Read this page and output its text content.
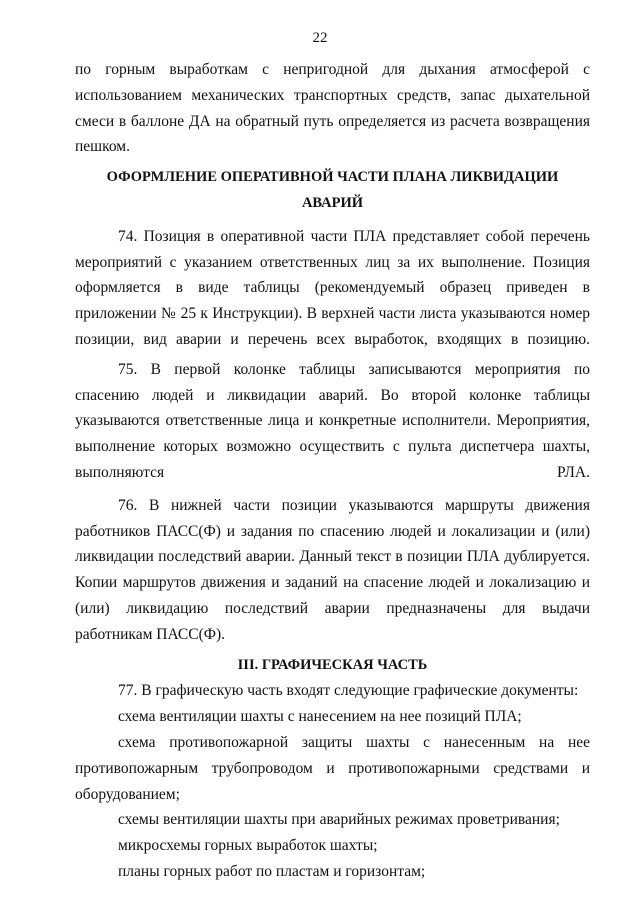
22

по горным выработкам с непригодной для дыхания атмосферой с использованием механических транспортных средств, запас дыхательной смеси в баллоне ДА на обратный путь определяется из расчета возвращения пешком.

ОФОРМЛЕНИЕ ОПЕРАТИВНОЙ ЧАСТИ ПЛАНА ЛИКВИДАЦИИ АВАРИЙ

74. Позиция в оперативной части ПЛА представляет собой перечень мероприятий с указанием ответственных лиц за их выполнение. Позиция оформляется в виде таблицы (рекомендуемый образец приведен в приложении № 25 к Инструкции). В верхней части листа указываются номер позиции, вид аварии и перечень всех выработок, входящих в позицию.

75. В первой колонке таблицы записываются мероприятия по спасению людей и ликвидации аварий. Во второй колонке таблицы указываются ответственные лица и конкретные исполнители. Мероприятия, выполнение которых возможно осуществить с пульта диспетчера шахты, выполняются РЛА.

76. В нижней части позиции указываются маршруты движения работников ПАСС(Ф) и задания по спасению людей и локализации и (или) ликвидации последствий аварии. Данный текст в позиции ПЛА дублируется. Копии маршрутов движения и заданий на спасение людей и локализацию и (или) ликвидацию последствий аварии предназначены для выдачи работникам ПАСС(Ф).

III. ГРАФИЧЕСКАЯ ЧАСТЬ

77. В графическую часть входят следующие графические документы:

схема вентиляции шахты с нанесением на нее позиций ПЛА;

схема противопожарной защиты шахты с нанесенным на нее противопожарным трубопроводом и противопожарными средствами и оборудованием;

схемы вентиляции шахты при аварийных режимах проветривания;

микросхемы горных выработок шахты;

планы горных работ по пластам и горизонтам;
